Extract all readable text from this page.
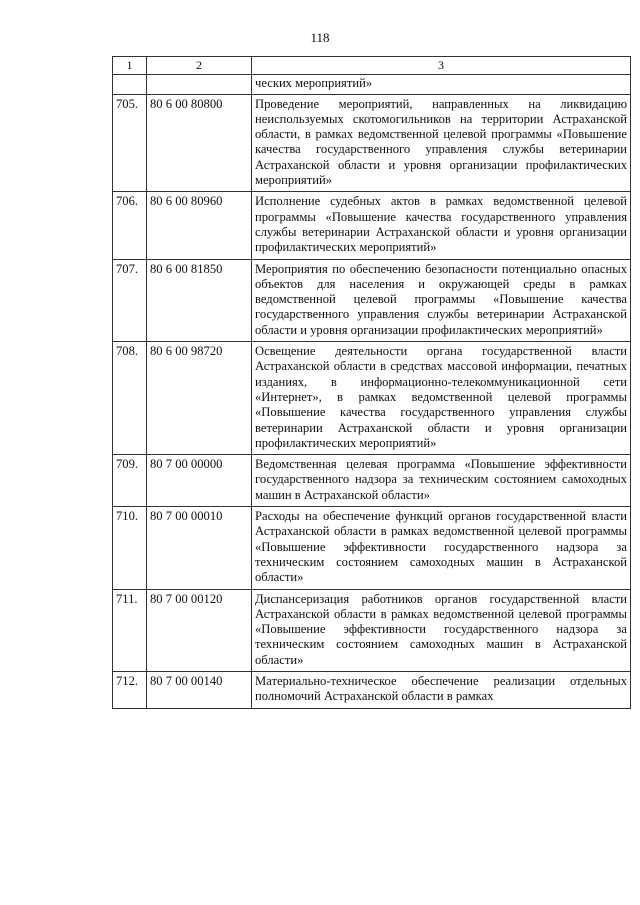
118
1	2	3
		ческих мероприятий»
705.	80 6 00 80800	Проведение мероприятий, направленных на ликвидацию неиспользуемых скотомогильников на территории Астраханской области, в рамках ведомственной целевой программы «Повышение качества государственного управления службы ветеринарии Астраханской области и уровня организации профилактических мероприятий»
706.	80 6 00 80960	Исполнение судебных актов в рамках ведомственной целевой программы «Повышение качества государственного управления службы ветеринарии Астраханской области и уровня организации профилактических мероприятий»
707.	80 6 00 81850	Мероприятия по обеспечению безопасности потенциально опасных объектов для населения и окружающей среды в рамках ведомственной целевой программы «Повышение качества государственного управления службы ветеринарии Астраханской области и уровня организации профилактических мероприятий»
708.	80 6 00 98720	Освещение деятельности органа государственной власти Астраханской области в средствах массовой информации, печатных изданиях, в информационно-телекоммуникационной сети «Интернет», в рамках ведомственной целевой программы «Повышение качества государственного управления службы ветеринарии Астраханской области и уровня организации профилактических мероприятий»
709.	80 7 00 00000	Ведомственная целевая программа «Повышение эффективности государственного надзора за техническим состоянием самоходных машин в Астраханской области»
710.	80 7 00 00010	Расходы на обеспечение функций органов государственной власти Астраханской области в рамках ведомственной целевой программы «Повышение эффективности государственного надзора за техническим состоянием самоходных машин в Астраханской области»
711.	80 7 00 00120	Диспансеризация работников органов государственной власти Астраханской области в рамках ведомственной целевой программы «Повышение эффективности государственного надзора за техническим состоянием самоходных машин в Астраханской области»
712.	80 7 00 00140	Материально-техническое обеспечение реализации отдельных полномочий Астраханской области в рамках
